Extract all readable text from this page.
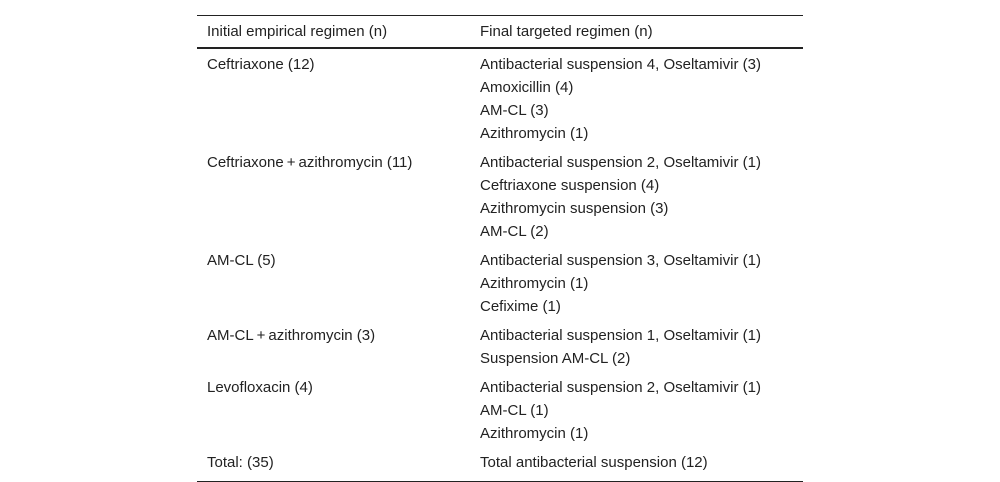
Initial empirical regimen (n)	Final targeted regimen (n)

Ceftriaxone (12)	Antibacterial suspension 4, Oseltamivir (3)
Amoxicillin (4)
AM-CL (3)
Azithromycin (1)

Ceftriaxone + azithromycin (11)	Antibacterial suspension 2, Oseltamivir (1)
Ceftriaxone suspension (4)
Azithromycin suspension (3)
AM-CL (2)

AM-CL (5)	Antibacterial suspension 3, Oseltamivir (1)
Azithromycin (1)
Cefixime (1)

AM-CL + azithromycin (3)	Antibacterial suspension 1, Oseltamivir (1)
Suspension AM-CL (2)

Levofloxacin (4)	Antibacterial suspension 2, Oseltamivir (1)
AM-CL (1)
Azithromycin (1)

Total: (35)	Total antibacterial suspension (12)
